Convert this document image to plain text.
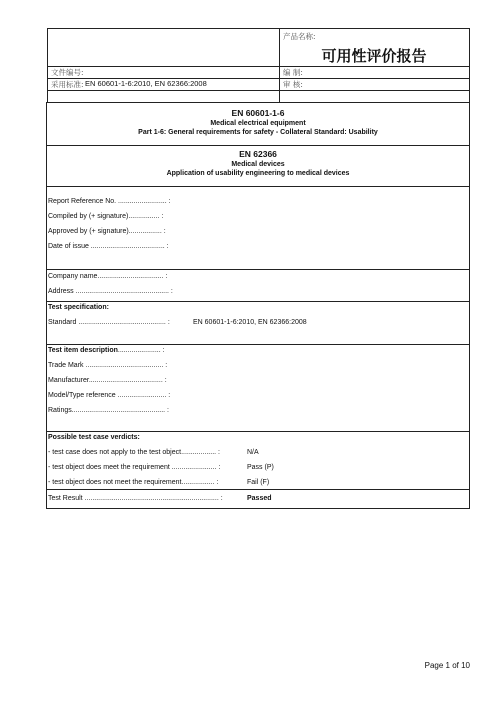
产品名称:
可用性评价报告
文件编号:	编 制:
采用标准: EN 60601-1-6:2010, EN 62366:2008	审 核:
EN 60601-1-6
Medical electrical equipment
Part 1-6: General requirements for safety - Collateral Standard: Usability
EN 62366
Medical devices
Application of usability engineering to medical devices
Report Reference No. ......................... :
Compiled by (+ signature)................ :
Approved by (+ signature)................. :
Date of issue ...................................... :
Company name.................................. :
Address ................................................ :
Test specification:
Standard ............................................. :	EN 60601-1-6:2010, EN 62366:2008
Test item description...................... :
Trade Mark ........................................ :
Manufacturer...................................... :
Model/Type reference ......................... :
Ratings................................................ :
Possible test case verdicts:
- test case does not apply to the test object.................. :	N/A
- test object does meet the requirement ....................... :	Pass (P)
- test object does not meet the requirement................. :	Fail (F)
Test Result ..................................................................... :	Passed
Page 1 of 10
